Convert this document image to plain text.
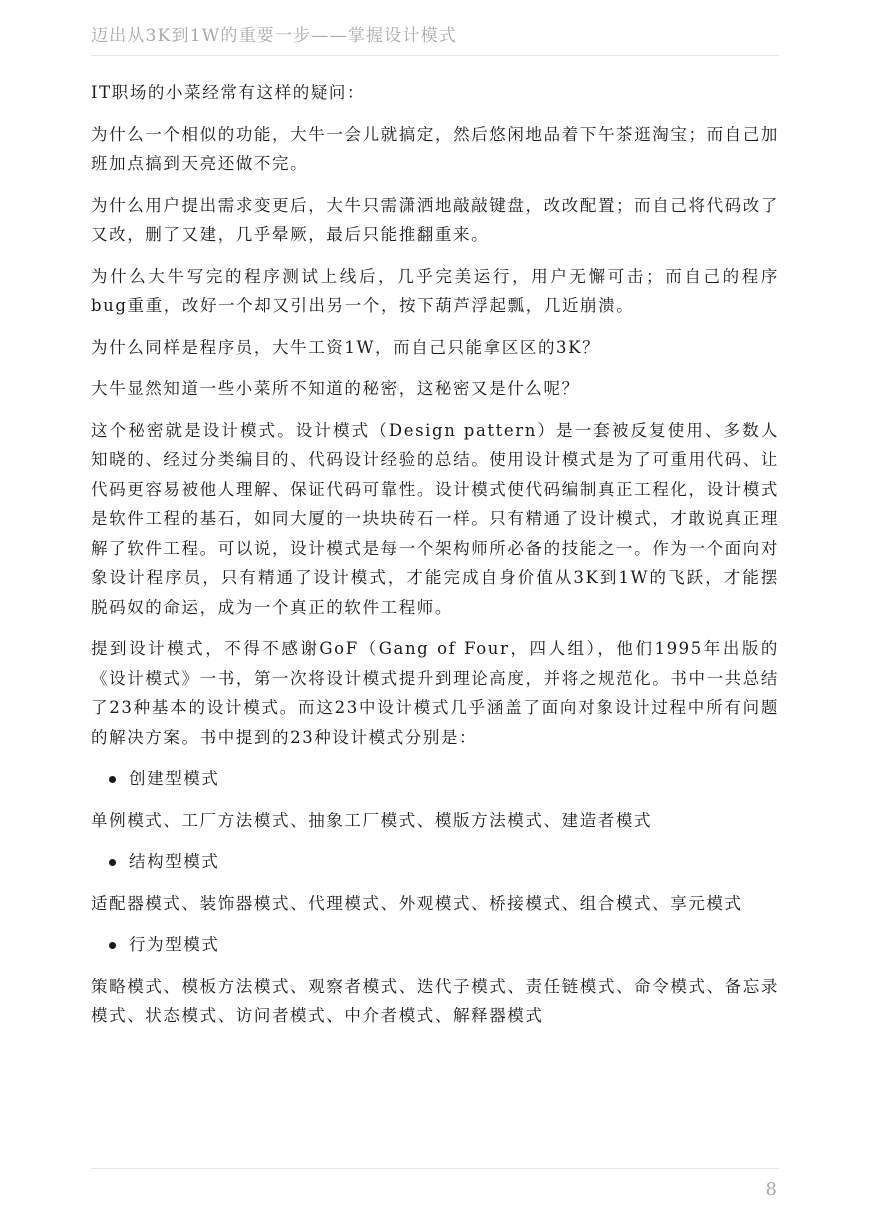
迈出从3K到1W的重要一步——掌握设计模式

IT职场的小菜经常有这样的疑问：

为什么一个相似的功能，大牛一会儿就搞定，然后悠闲地品着下午茶逛淘宝；而自己加班加点搞到天亮还做不完。

为什么用户提出需求变更后，大牛只需潇洒地敲敲键盘，改改配置；而自己将代码改了又改，删了又建，几乎晕厥，最后只能推翻重来。

为什么大牛写完的程序测试上线后，几乎完美运行，用户无懈可击；而自己的程序bug重重，改好一个却又引出另一个，按下葫芦浮起瓢，几近崩溃。

为什么同样是程序员，大牛工资1W，而自己只能拿区区的3K？

大牛显然知道一些小菜所不知道的秘密，这秘密又是什么呢？

这个秘密就是设计模式。设计模式（Design pattern）是一套被反复使用、多数人知晓的、经过分类编目的、代码设计经验的总结。使用设计模式是为了可重用代码、让代码更容易被他人理解、保证代码可靠性。设计模式使代码编制真正工程化，设计模式是软件工程的基石，如同大厦的一块块砖石一样。只有精通了设计模式，才敢说真正理解了软件工程。可以说，设计模式是每一个架构师所必备的技能之一。作为一个面向对象设计程序员，只有精通了设计模式，才能完成自身价值从3K到1W的飞跃，才能摆脱码奴的命运，成为一个真正的软件工程师。

提到设计模式，不得不感谢GoF（Gang of Four，四人组），他们1995年出版的《设计模式》一书，第一次将设计模式提升到理论高度，并将之规范化。书中一共总结了23种基本的设计模式。而这23中设计模式几乎涵盖了面向对象设计过程中所有问题的解决方案。书中提到的23种设计模式分别是：

创建型模式

单例模式、工厂方法模式、抽象工厂模式、模版方法模式、建造者模式

结构型模式

适配器模式、装饰器模式、代理模式、外观模式、桥接模式、组合模式、享元模式

行为型模式

策略模式、模板方法模式、观察者模式、迭代子模式、责任链模式、命令模式、备忘录模式、状态模式、访问者模式、中介者模式、解释器模式

8
